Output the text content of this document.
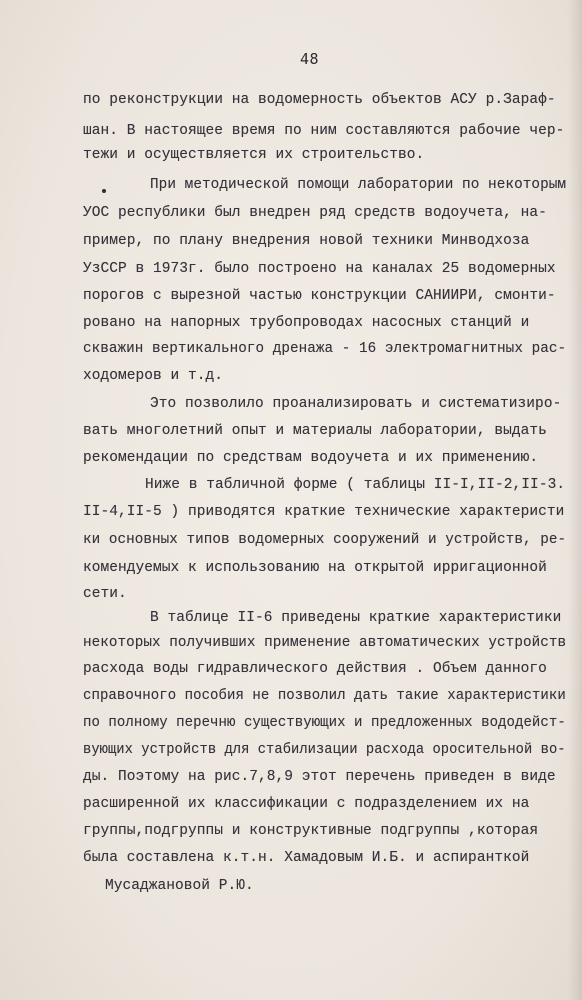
48
по реконструкции на водомерность объектов АСУ р.Зараф-
шан. В настоящее время по ним составляются рабочие чер-
тежи и осуществляется их строительство.
При методической помощи лаборатории по некоторым
УОС республики был внедрен ряд средств водоучета, на-
пример, по плану внедрения новой техники Минводхоза
УзССР в 1973г. было построено на каналах 25 водомерных
порогов с вырезной частью конструкции САНИИРИ, смонти-
ровано на напорных трубопроводах насосных станций и
скважин вертикального дренажа - 16 электромагнитных рас-
ходомеров и т.д.
Это позволило проанализировать и систематизиро-
вать многолетний опыт и материалы лаборатории, выдать
рекомендации по средствам водоучета и их применению.
Ниже в табличной форме ( таблицы II-I,II-2,II-3.
II-4,II-5 ) приводятся краткие технические характеристи
ки основных типов водомерных сооружений и устройств, ре-
комендуемых к использованию на открытой ирригационной
сети.
В таблице II-6 приведены краткие характеристики
некоторых получивших применение автоматических устройств
расхода воды гидравлического действия . Объем данного
справочного пособия не позволил дать такие характеристики
по полному перечню существующих и предложенных вододейст-
вующих устройств для стабилизации расхода оросительной во-
ды. Поэтому на рис.7,8,9 этот перечень приведен в виде
расширенной их классификации с подразделением их на
группы,подгруппы и конструктивные подгруппы ,которая
была составлена к.т.н. Хамадовым И.Б. и аспиранткой
Мусаджановой Р.Ю.
